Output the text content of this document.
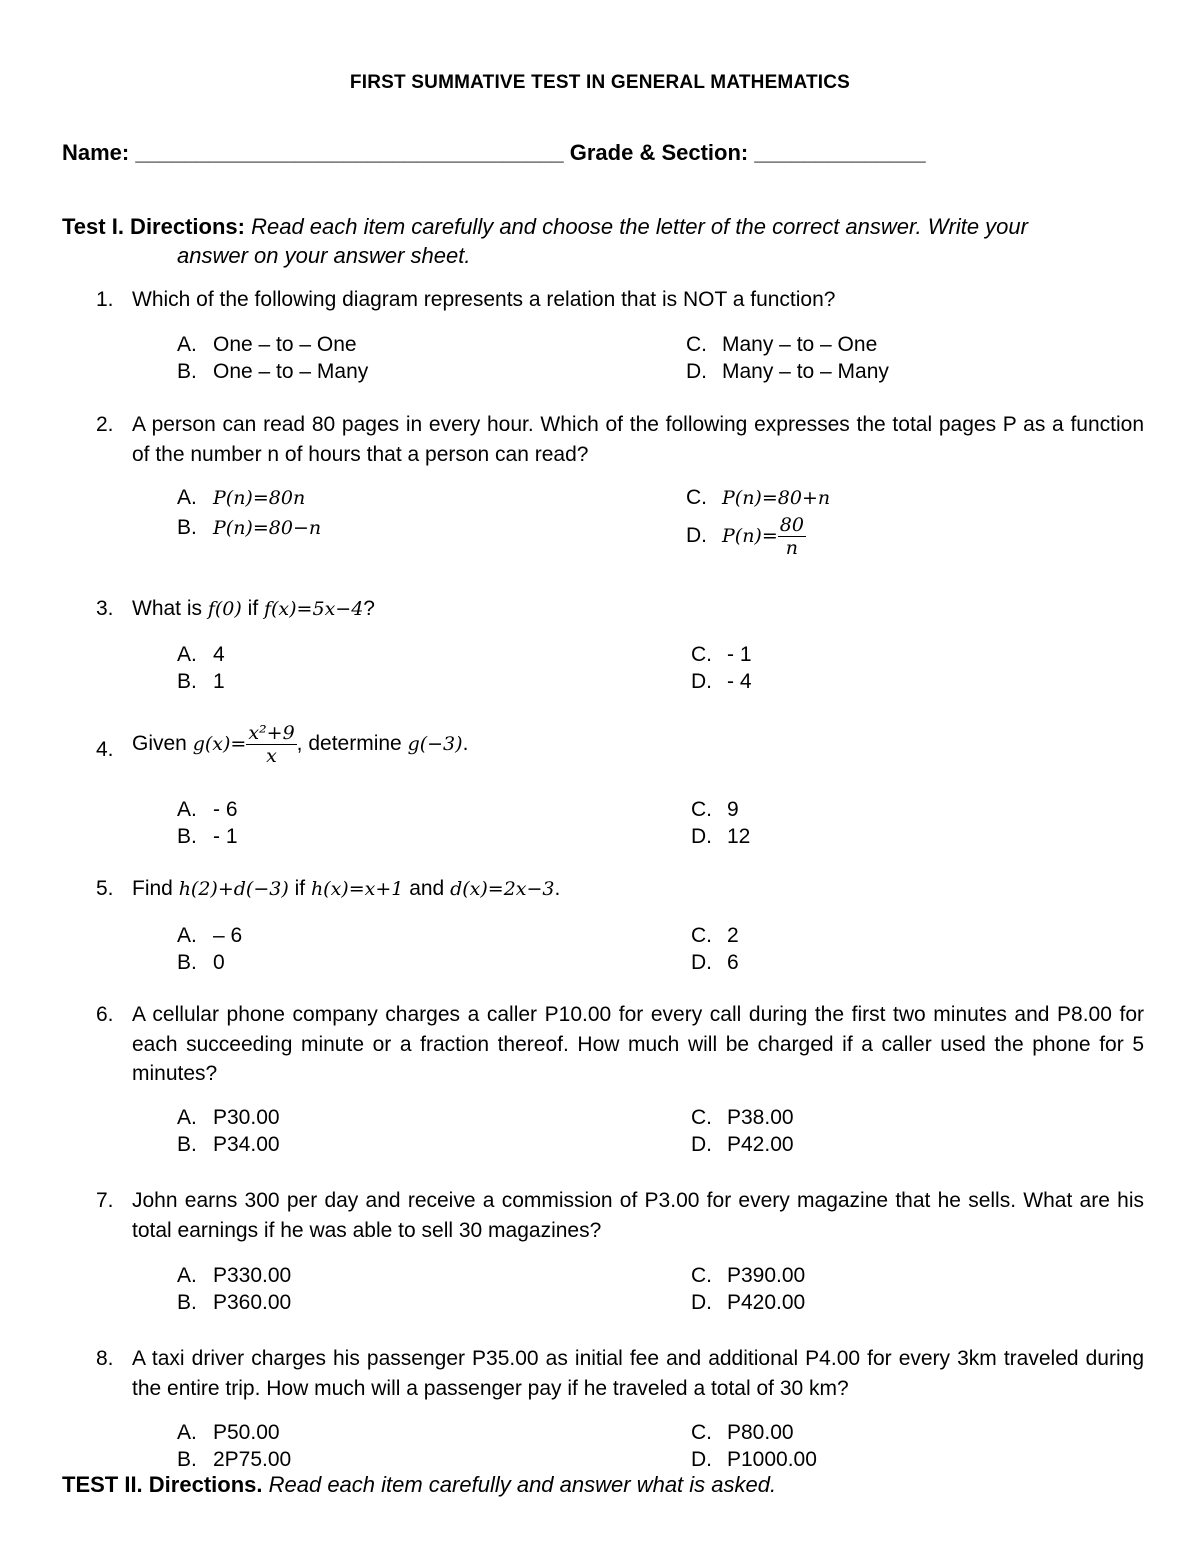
FIRST SUMMATIVE TEST IN GENERAL MATHEMATICS
Name: ___________________________________ Grade & Section: ______________
Test I. Directions: Read each item carefully and choose the letter of the correct answer. Write your
answer on your answer sheet.
1. Which of the following diagram represents a relation that is NOT a function?
A. One – to – One
B. One – to – Many
C. Many – to – One
D. Many – to – Many
2. A person can read 80 pages in every hour. Which of the following expresses the total pages P as a function of the number n of hours that a person can read?
A. P(n)=80n
B. P(n)=80−n
C. P(n)=80+n
D. $P(n)= \frac{80}{n}$
3. What is f(0) if f(x)=5x−4?
A. 4
B. 1
C. - 1
D. - 4
4. Given $g(x)= \frac{\text{x²+9}}{x}$ , determine g(−3).
A. - 6
B. - 1
C. 9
D. 12
5. Find h(2)+d(−3) if h(x)=x+1 and d(x)=2x−3.
A. – 6
B. 0
C. 2
D. 6
6. A cellular phone company charges a caller P10.00 for every call during the first two minutes and P8.00 for each succeeding minute or a fraction thereof. How much will be charged if a caller used the phone for 5 minutes?
A. P30.00
B. P34.00
C. P38.00
D. P42.00
7. John earns 300 per day and receive a commission of P3.00 for every magazine that he sells. What are his total earnings if he was able to sell 30 magazines?
A. P330.00
B. P360.00
C. P390.00
D. P420.00
8. A taxi driver charges his passenger P35.00 as initial fee and additional P4.00 for every 3km traveled during the entire trip. How much will a passenger pay if he traveled a total of 30 km?
A. P50.00
B. 2P75.00
C. P80.00
D. P1000.00
TEST II. Directions. Read each item carefully and answer what is asked.
